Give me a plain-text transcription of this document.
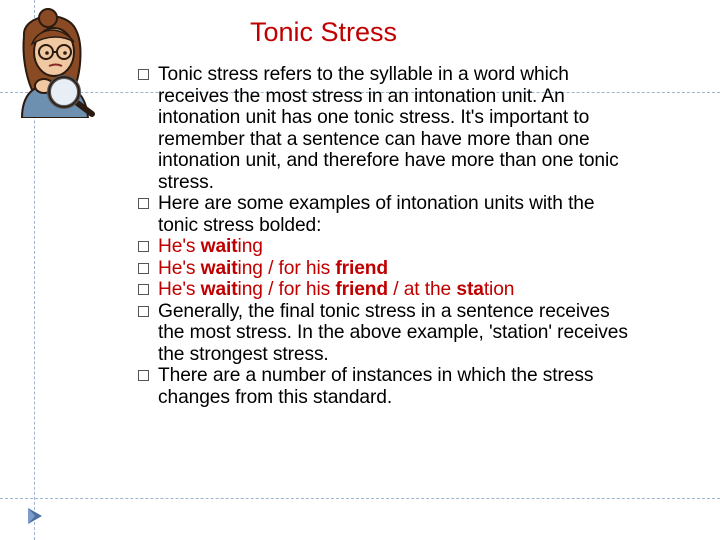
Tonic Stress
Tonic stress refers to the syllable in a word which receives the most stress in an intonation unit. An intonation unit has one tonic stress. It's important to remember that a sentence can have more than one intonation unit, and therefore have more than one tonic stress.
Here are some examples of intonation units with the tonic stress bolded:
He's waiting
He's waiting / for his friend
He's waiting / for his friend / at the station
Generally, the final tonic stress in a sentence receives the most stress. In the above example, 'station' receives the strongest stress.
There are a number of instances in which the stress changes from this standard.
